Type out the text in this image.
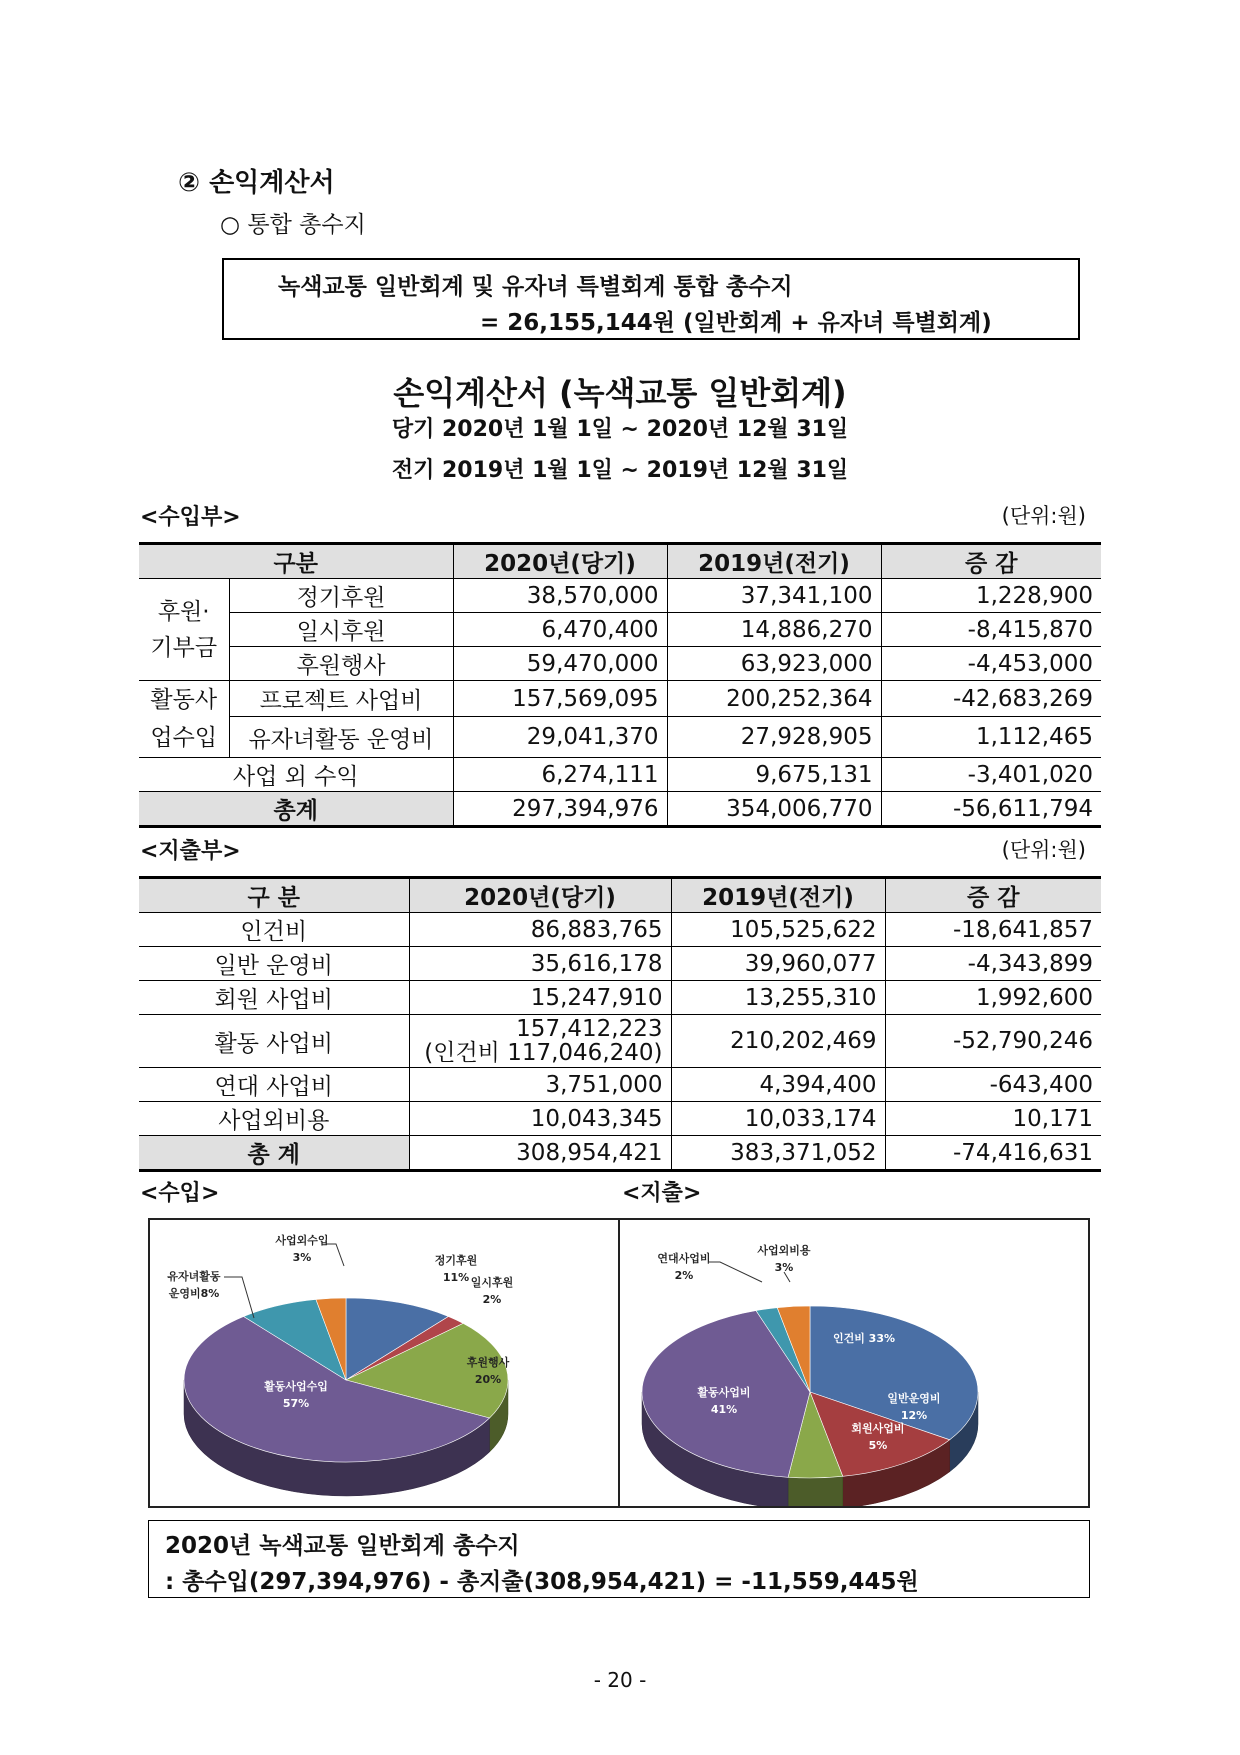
② 손익계산서
○ 통합 총수지
녹색교통 일반회계 및 유자녀 특별회계 통합 총수지
= 26,155,144원 (일반회계 + 유자녀 특별회계)
손익계산서 (녹색교통 일반회계)
당기 2020년 1월 1일 ~ 2020년 12월 31일
전기 2019년 1월 1일 ~ 2019년 12월 31일
<수입부>	(단위:원)
구분		2020년(당기)	2019년(전기)	증 감
후원·
기부금	정기후원	38,570,000	37,341,100	1,228,900
	일시후원	6,470,400	14,886,270	-8,415,870
	후원행사	59,470,000	63,923,000	-4,453,000
활동사
업수입	프로젝트 사업비	157,569,095	200,252,364	-42,683,269
	유자녀활동 운영비	29,041,370	27,928,905	1,112,465
사업 외 수익		6,274,111	9,675,131	-3,401,020
총계		297,394,976	354,006,770	-56,611,794
<지출부>	(단위:원)
구 분	2020년(당기)	2019년(전기)	증 감
인건비	86,883,765	105,525,622	-18,641,857
일반 운영비	35,616,178	39,960,077	-4,343,899
회원 사업비	15,247,910	13,255,310	1,992,600
활동 사업비	157,412,223
(인건비 117,046,240)	210,202,469	-52,790,246
연대 사업비	3,751,000	4,394,400	-643,400
사업외비용	10,043,345	10,033,174	10,171
총 계	308,954,421	383,371,052	-74,416,631
<수입>	<지출>
정기후원
11% 일시후원
2%
후원행사
20%
활동사업수입
57%
유자녀활동
사업외수입
3%
운영비8%
인건비 33%
일반운영비
12%
회원사업비
5%
활동사업비
41%
연대사업비
2%
사업외비용
3%
2020년 녹색교통 일반회계 총수지
: 총수입(297,394,976) - 총지출(308,954,421) = -11,559,445원
- 20 -
